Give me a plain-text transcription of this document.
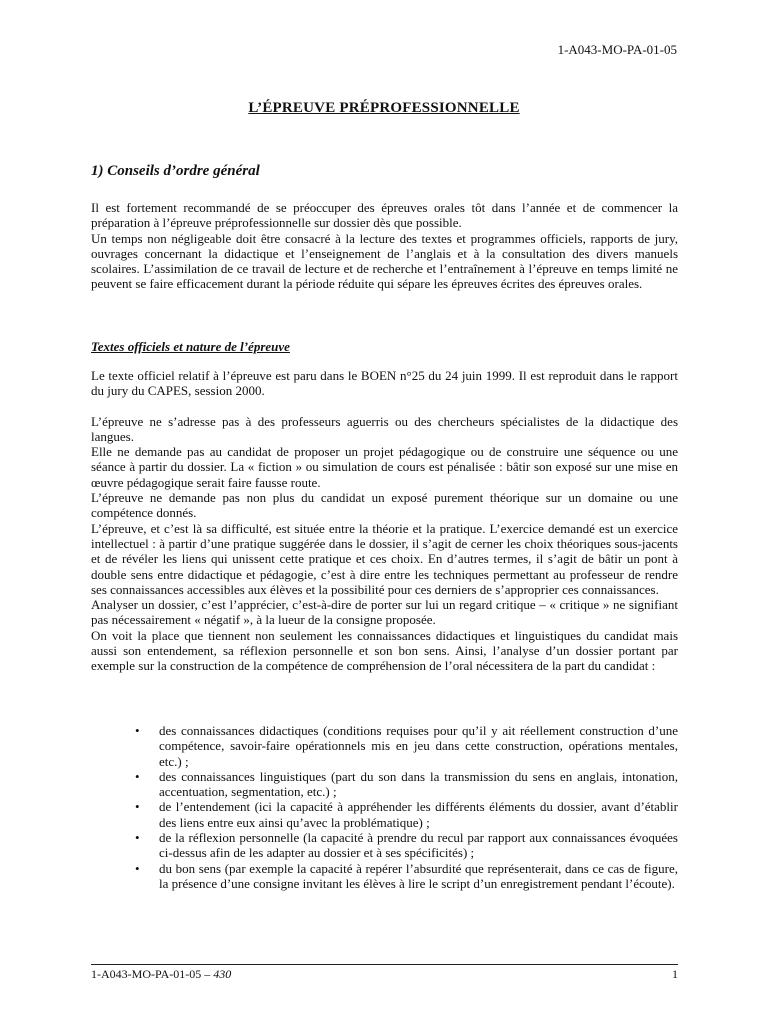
1-A043-MO-PA-01-05
L’ÉPREUVE PRÉPROFESSIONNELLE
1) Conseils d’ordre général

Il est fortement recommandé de se préoccuper des épreuves orales tôt dans l’année et de commencer la préparation à l’épreuve préprofessionnelle sur dossier dès que possible.

Un temps non négligeable doit être consacré à la lecture des textes et programmes officiels, rapports de jury, ouvrages concernant la didactique et l’enseignement de l’anglais et à la consultation des divers manuels scolaires. L’assimilation de ce travail de lecture et de recherche et l’entraînement à l’épreuve en temps limité ne peuvent se faire efficacement durant la période réduite qui sépare les épreuves écrites des épreuves orales.

Textes officiels et nature de l’épreuve

Le texte officiel relatif à l’épreuve est paru dans le BOEN n°25 du 24 juin 1999. Il est reproduit dans le rapport du jury du CAPES, session 2000.

L’épreuve ne s’adresse pas à des professeurs aguerris ou des chercheurs spécialistes de la didactique des langues.

Elle ne demande pas au candidat de proposer un projet pédagogique ou de construire une séquence ou une séance à partir du dossier. La « fiction » ou simulation de cours est pénalisée : bâtir son exposé sur une mise en œuvre pédagogique serait faire fausse route.

L’épreuve ne demande pas non plus du candidat un exposé purement théorique sur un domaine ou une compétence donnés.

L’épreuve, et c’est là sa difficulté, est située entre la théorie et la pratique. L’exercice demandé est un exercice intellectuel : à partir d’une pratique suggérée dans le dossier, il s’agit de cerner les choix théoriques sous-jacents et de révéler les liens qui unissent cette pratique et ces choix. En d’autres termes, il s’agit de bâtir un pont à double sens entre didactique et pédagogie, c’est à dire entre les techniques permettant au professeur de rendre ses connaissances accessibles aux élèves et la possibilité pour ces derniers de s’approprier ces connaissances.

Analyser un dossier, c’est l’apprécier, c’est-à-dire de porter sur lui un regard critique – « critique » ne signifiant pas nécessairement « négatif », à la lueur de la consigne proposée.

On voit la place que tiennent non seulement les connaissances didactiques et linguistiques du candidat mais aussi son entendement, sa réflexion personnelle et son bon sens. Ainsi, l’analyse d’un dossier portant par exemple sur la construction de la compétence de compréhension de l’oral nécessitera de la part du candidat :

• des connaissances didactiques (conditions requises pour qu’il y ait réellement construction d’une compétence, savoir-faire opérationnels mis en jeu dans cette construction, opérations mentales, etc.) ;
• des connaissances linguistiques (part du son dans la transmission du sens en anglais, intonation, accentuation, segmentation, etc.) ;
• de l’entendement (ici la capacité à appréhender les différents éléments du dossier, avant d’établir des liens entre eux ainsi qu’avec la problématique) ;
• de la réflexion personnelle (la capacité à prendre du recul par rapport aux connaissances évoquées ci-dessus afin de les adapter au dossier et à ses spécificités) ;
• du bon sens (par exemple la capacité à repérer l’absurdité que représenterait, dans ce cas de figure, la présence d’une consigne invitant les élèves à lire le script d’un enregistrement pendant l’écoute).
1-A043-MO-PA-01-05 – 430	1
